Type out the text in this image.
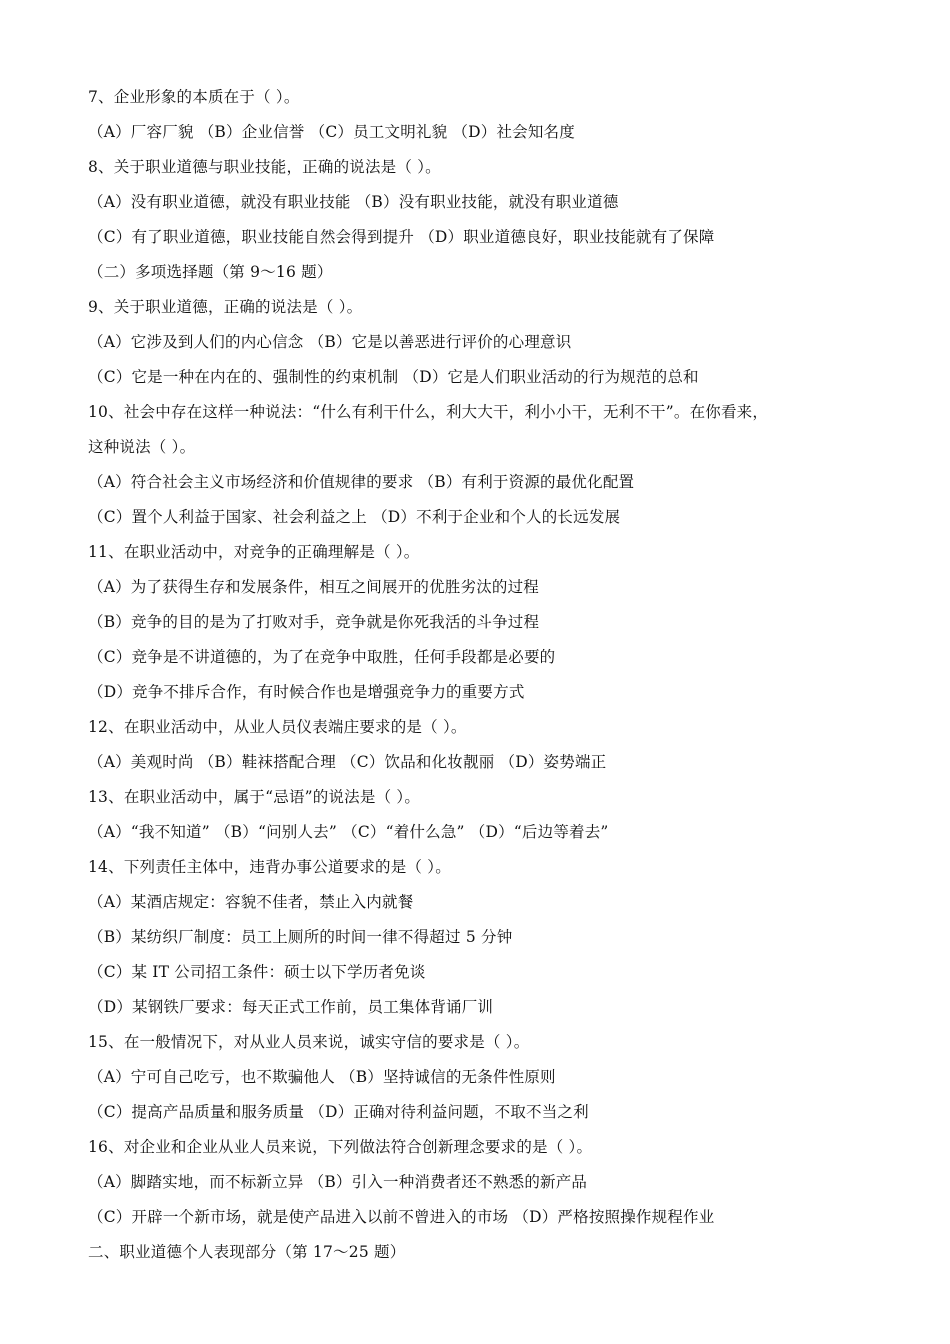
7、企业形象的本质在于（ ）。
（A）厂容厂貌 （B）企业信誉 （C）员工文明礼貌 （D）社会知名度
8、关于职业道德与职业技能，正确的说法是（ ）。
（A）没有职业道德，就没有职业技能 （B）没有职业技能，就没有职业道德
（C）有了职业道德，职业技能自然会得到提升 （D）职业道德良好，职业技能就有了保障
（二）多项选择题（第 9～16 题）
9、关于职业道德，正确的说法是（ ）。
（A）它涉及到人们的内心信念 （B）它是以善恶进行评价的心理意识
（C）它是一种在内在的、强制性的约束机制 （D）它是人们职业活动的行为规范的总和
10、社会中存在这样一种说法：“什么有利干什么，利大大干，利小小干，无利不干”。在你看来，
这种说法（ ）。
（A）符合社会主义市场经济和价值规律的要求 （B）有利于资源的最优化配置
（C）置个人利益于国家、社会利益之上 （D）不利于企业和个人的长远发展
11、在职业活动中，对竞争的正确理解是（ ）。
（A）为了获得生存和发展条件，相互之间展开的优胜劣汰的过程
（B）竞争的目的是为了打败对手，竞争就是你死我活的斗争过程
（C）竞争是不讲道德的，为了在竞争中取胜，任何手段都是必要的
（D）竞争不排斥合作，有时候合作也是增强竞争力的重要方式
12、在职业活动中，从业人员仪表端庄要求的是（ ）。
（A）美观时尚 （B）鞋袜搭配合理 （C）饮品和化妆靓丽 （D）姿势端正
13、在职业活动中，属于“忌语”的说法是（ ）。
（A）“我不知道” （B）“问别人去” （C）“着什么急” （D）“后边等着去”
14、下列责任主体中，违背办事公道要求的是（ ）。
（A）某酒店规定：容貌不佳者，禁止入内就餐
（B）某纺织厂制度：员工上厕所的时间一律不得超过 5 分钟
（C）某 IT 公司招工条件：硕士以下学历者免谈
（D）某钢铁厂要求：每天正式工作前，员工集体背诵厂训
15、在一般情况下，对从业人员来说，诚实守信的要求是（ ）。
（A）宁可自己吃亏，也不欺骗他人 （B）坚持诚信的无条件性原则
（C）提高产品质量和服务质量 （D）正确对待利益问题，不取不当之利
16、对企业和企业从业人员来说，下列做法符合创新理念要求的是（ ）。
（A）脚踏实地，而不标新立异 （B）引入一种消费者还不熟悉的新产品
（C）开辟一个新市场，就是使产品进入以前不曾进入的市场 （D）严格按照操作规程作业
二、职业道德个人表现部分（第 17～25 题）
